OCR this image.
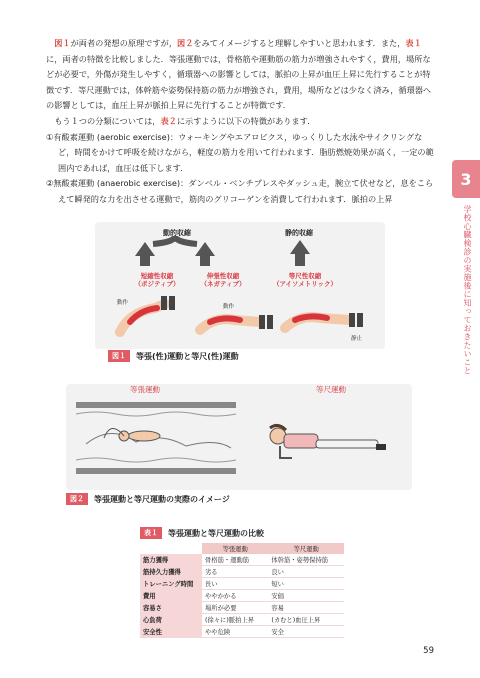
図１が両者の発想の原理ですが，図２をみてイメージすると理解しやすいと思われます．また，表１に，両者の特徴を比較しました．等張運動では，骨格筋や運動筋の筋力が増強されやすく，費用，場所などが必要で，外傷が発生しやすく，循環器への影響としては，脈拍の上昇が血圧上昇に先行することが特徴です．等尺運動では，体幹筋や姿勢保持筋の筋力が増強され，費用，場所などは少なく済み，循環器への影響としては，血圧上昇が脈拍上昇に先行することが特徴です．

もう１つの分類については，表２に示すように以下の特徴があります．

①有酸素運動 (aerobic exercise)：ウォーキングやエアロビクス，ゆっくりした水泳やサイクリングなど，時間をかけて呼吸を続けながら，軽度の筋力を用いて行われます．脂肪燃焼効果が高く，一定の範囲内であれば，血圧は低下します．

②無酸素運動 (anaerobic exercise)：ダンベル・ベンチプレスやダッシュ走，腕立て伏せなど，息をこらえて瞬発的な力を出させる運動で，筋肉のグリコーゲンを消費して行われます．脈拍の上昇

3
学校心臓検診の実施後に知っておきたいこと
動的収縮	静的収縮
短縮性収縮
（ポジティブ）
伸張性収縮
（ネガティブ）
等尺性収縮
（アイソメトリック）
動作
動作
静止
図１	等張(性)運動と等尺(性)運動
等張運動	等尺運動
図２	等張運動と等尺運動の実際のイメージ
表１	等張運動と等尺運動の比較
	等張運動	等尺運動
筋力獲得	骨格筋・運動筋	体幹筋・姿勢保持筋
筋持久力獲得	劣る	良い
トレーニング時間	長い	短い
費用	ややかかる	安価
容易さ	場所が必要	容易
心負荷	(徐々に)脈拍上昇	(カむと)血圧上昇
安全性	やや危険	安全
59
